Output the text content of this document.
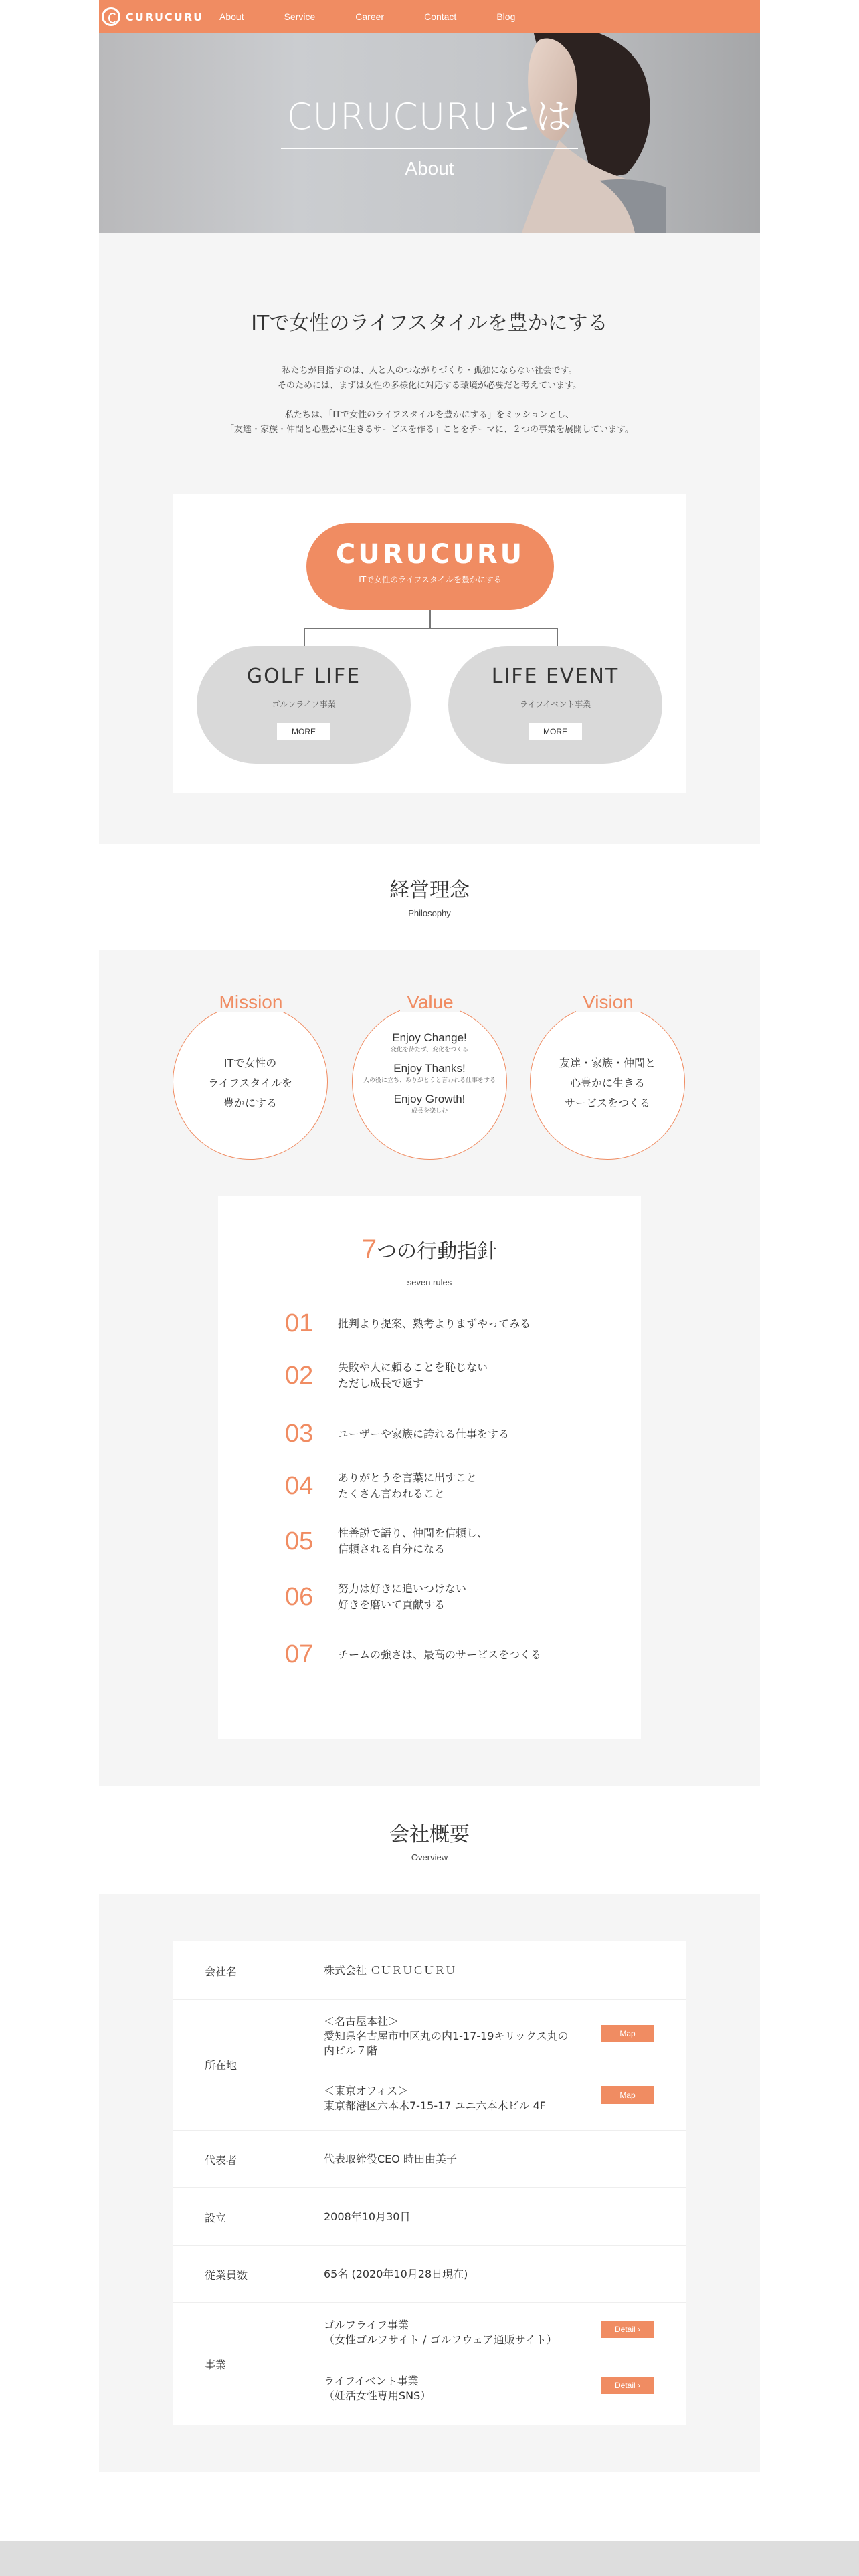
CURUCURU About	Service	Career	Contact	Blog
CURUCURUとは
About
ITで女性のライフスタイルを豊かにする

私たちが目指すのは、人と人のつながりづくり・孤独にならない社会です。
そのためには、まずは女性の多様化に対応する環境が必要だと考えています。

私たちは、「ITで女性のライフスタイルを豊かにする」をミッションとし、
「友達・家族・仲間と心豊かに生きるサービスを作る」ことをテーマに、２つの事業を展開しています。

CURUCURU
ITで女性のライフスタイルを豊かにする
GOLF LIFE
ゴルフライフ事業
MORE
LIFE EVENT
ライフイベント事業
MORE
経営理念
Philosophy
Mission
ITで女性の
ライフスタイルを
豊かにする
Value
Enjoy Change!
変化を待たず、変化をつくる
Enjoy Thanks!
人の役に立ち、ありがとうと言われる仕事をする
Enjoy Growth!
成長を楽しむ
Vision
友達・家族・仲間と
心豊かに生きる
サービスをつくる
7つの行動指針
seven rules
01	批判より提案、熟考よりまずやってみる
02	失敗や人に頼ることを恥じない
ただし成長で返す
03	ユーザーや家族に誇れる仕事をする
04	ありがとうを言葉に出すこと
たくさん言われること
05	性善説で語り、仲間を信頼し、
信頼される自分になる
06	努力は好きに追いつけない
好きを磨いて貢献する
07	チームの強さは、最高のサービスをつくる
会社概要
Overview
会社名	株式会社 ＣＵＲＵＣＵＲＵ
所在地
＜名古屋本社＞
愛知県名古屋市中区丸の内1-17-19キリックス丸の
内ビル７階
Map
＜東京オフィス＞
東京都港区六本木7-15-17 ユニ六本木ビル 4F
Map
代表者	代表取締役CEO 時田由美子
設立	2008年10月30日
従業員数	65名 (2020年10月28日現在)
事業
ゴルフライフ事業
（女性ゴルフサイト / ゴルフウェア通販サイト）
Detail ›
ライフイベント事業
（妊活女性専用SNS）
Detail ›
